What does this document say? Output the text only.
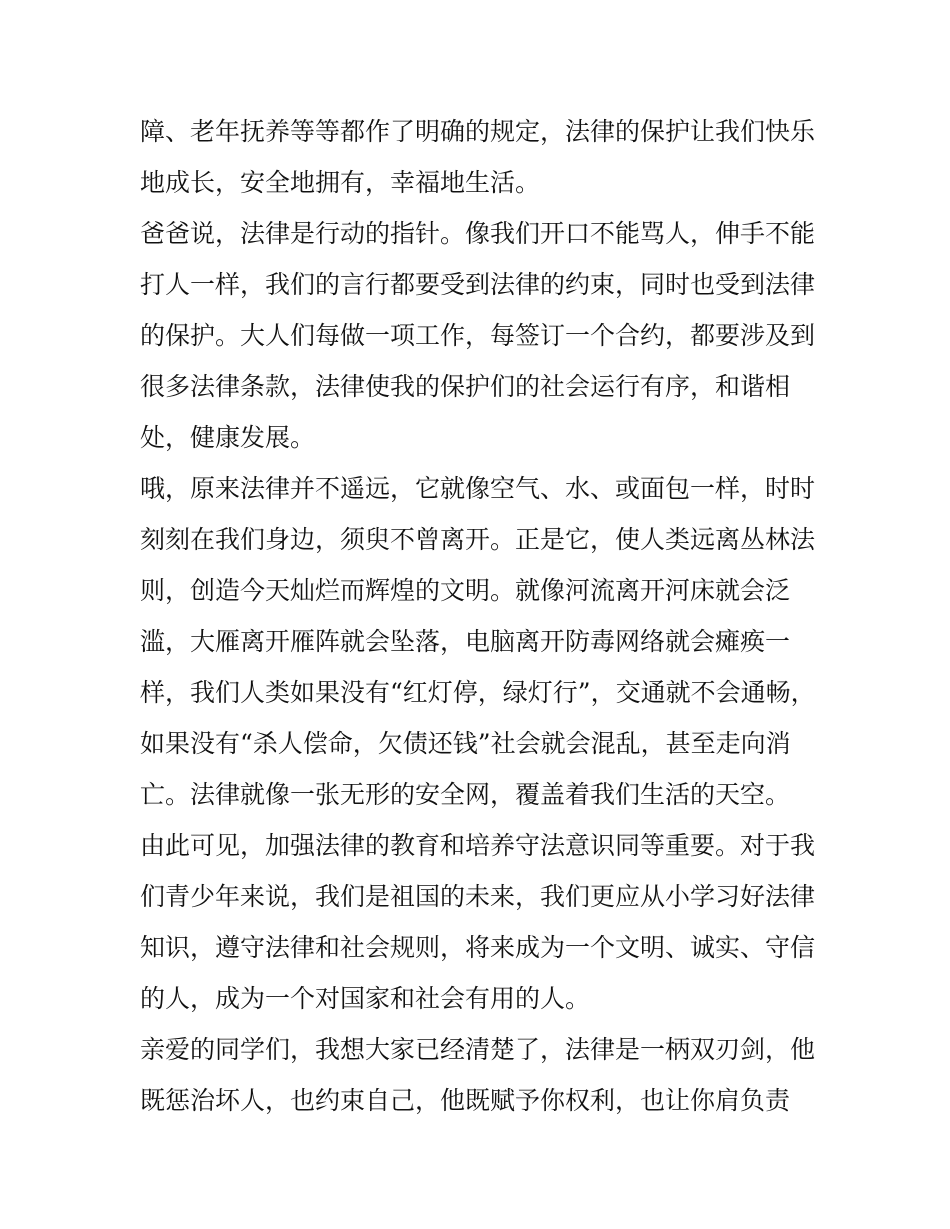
障、老年抚养等等都作了明确的规定，法律的保护让我们快乐
地成长，安全地拥有，幸福地生活。
爸爸说，法律是行动的指针。像我们开口不能骂人，伸手不能
打人一样，我们的言行都要受到法律的约束，同时也受到法律
的保护。大人们每做一项工作，每签订一个合约，都要涉及到
很多法律条款，法律使我的保护们的社会运行有序，和谐相
处，健康发展。
哦，原来法律并不遥远，它就像空气、水、或面包一样，时时
刻刻在我们身边，须臾不曾离开。正是它，使人类远离丛林法
则，创造今天灿烂而辉煌的文明。就像河流离开河床就会泛
滥，大雁离开雁阵就会坠落，电脑离开防毒网络就会瘫痪一
样，我们人类如果没有“红灯停，绿灯行”，交通就不会通畅，
如果没有“杀人偿命，欠债还钱”社会就会混乱，甚至走向消
亡。法律就像一张无形的安全网，覆盖着我们生活的天空。
由此可见，加强法律的教育和培养守法意识同等重要。对于我
们青少年来说，我们是祖国的未来，我们更应从小学习好法律
知识，遵守法律和社会规则，将来成为一个文明、诚实、守信
的人，成为一个对国家和社会有用的人。
亲爱的同学们，我想大家已经清楚了，法律是一柄双刃剑，他
既惩治坏人，也约束自己，他既赋予你权利，也让你肩负责
